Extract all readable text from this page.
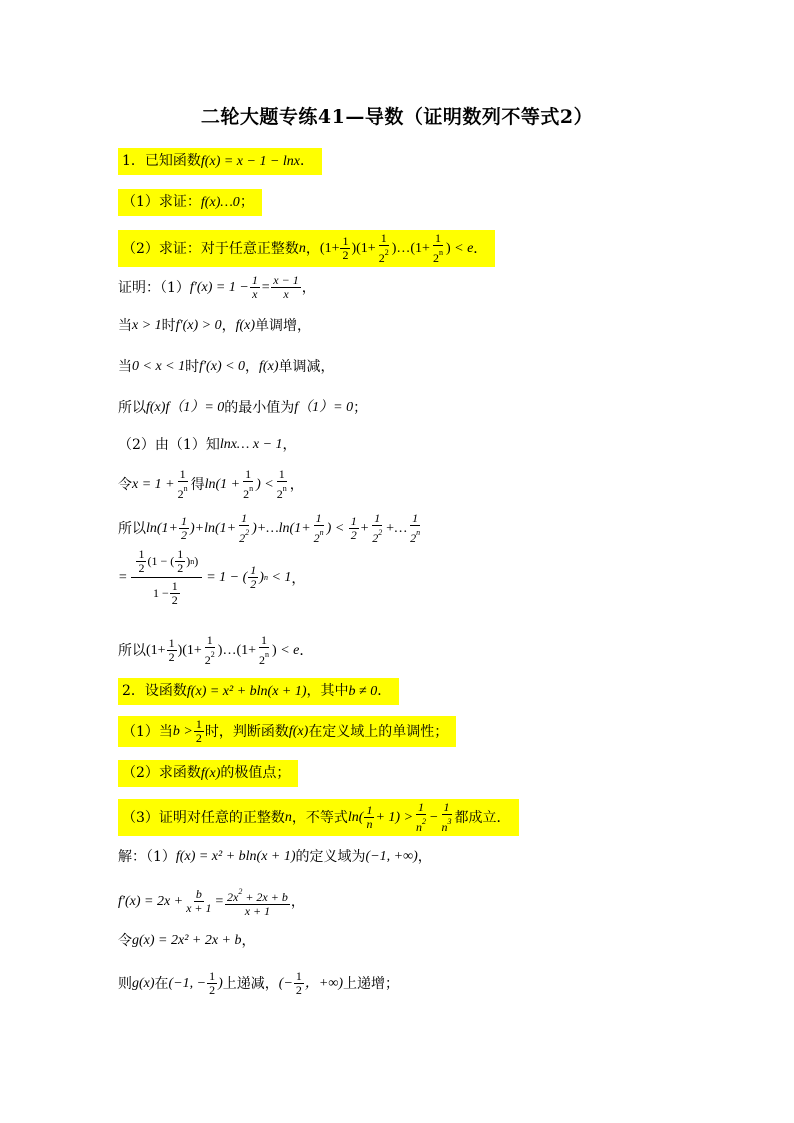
二轮大题专练41—导数（证明数列不等式2）
1．已知函数f(x) = x − 1 − lnx．
（1）求证：f(x)…0；
（2）求证：对于任意正整数 n ， $(1+ \frac{1}{2} )(1+ \frac{1}{2^2}$ )…(1+ $\frac{1}{2^n}$ ) < e ．
证明：（1） $f'(x) = 1 - \frac{1}{x} = \frac{x - 1}{x}$ ，
当 x > 1 时 f′(x) > 0 ， f(x) 单调增，
当 0 < x < 1 时 f′(x) < 0 ， f(x) 单调减，
所以 f(x) f（1）= 0 的最小值为 f（1）= 0 ；
（2）由（1）知 lnx… x − 1 ，
令 $x = 1 + \frac{1}{2^n}$ 得 $\ln(1 + \frac{1}{2^n}$ ) < $\frac{1}{2^n}$ ，
所以 $\ln(1+ \frac{1}{2} )+\ln(1+ \frac{1}{2^2}$ )+…ln(1+ $\frac{1}{2^n}$ ) < $\frac{1}{2} + \frac{1}{2^2}$ +… $\frac{1}{2^n}$
= $\frac{\frac{1}{2} (1 - ( \frac{1}{2} ) n )}{1 - \frac{1}{2}} = 1$ − ( $\frac{1}{2}$ ) n
< 1 ，
所以 $(1+ \frac{1}{2} )(1+ \frac{1}{2^2}$ )…(1+ $\frac{1}{2^n}$ ) < e ．
2．设函数f(x) = x² + bln(x + 1)，其中b ≠ 0．
（1）当 $b > \frac{1}{2}$ 时，判断函数 f(x) 在定义域上的单调性；
（2）求函数f(x)的极值点；
（3）证明对任意的正整数 n ，不等式 $\ln( \frac{1}{n} + 1) > \frac{1}{n^2} - \frac{1}{n^3}$ 都成立．
解：（1） f(x) = x² + bln(x + 1) 的定义域为 (−1, +∞) ，
$f'(x) = 2x + \frac{b}{x + 1} = \frac{2x^2 + 2x + b}{x + 1}$ ，
令 g(x) = 2x² + 2x + b ，
则 g(x) 在 (−1, − $\frac{1}{2}$ ) 上递减， (− $\frac{1}{2}$ ，+∞) 上递增；
